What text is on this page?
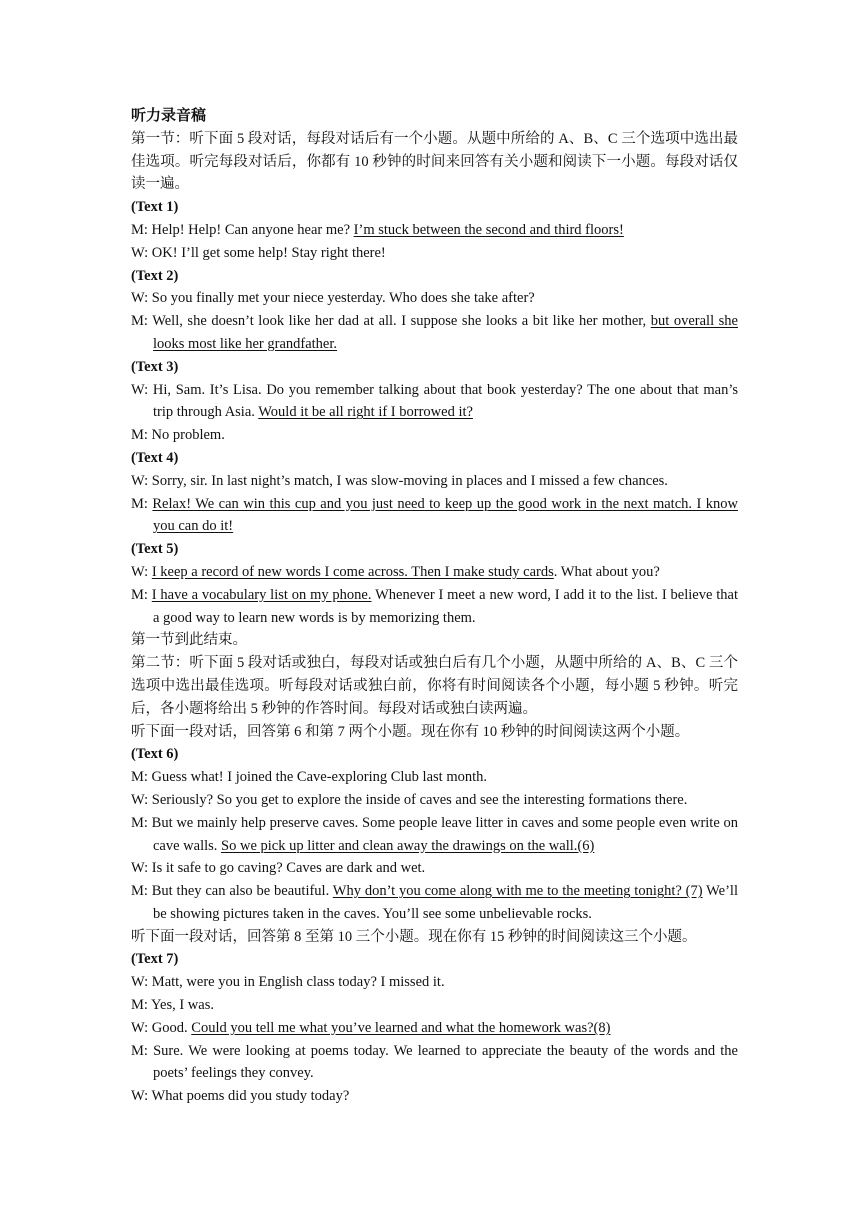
听力录音稿
第一节：听下面 5 段对话，每段对话后有一个小题。从题中所给的 A、B、C 三个选项中选出最佳选项。听完每段对话后，你都有 10 秒钟的时间来回答有关小题和阅读下一小题。每段对话仅读一遍。
(Text 1)
M: Help! Help! Can anyone hear me? I’m stuck between the second and third floors!
W: OK! I’ll get some help! Stay right there!
(Text 2)
W: So you finally met your niece yesterday. Who does she take after?
M: Well, she doesn’t look like her dad at all. I suppose she looks a bit like her mother, but overall she looks most like her grandfather.
(Text 3)
W: Hi, Sam. It’s Lisa. Do you remember talking about that book yesterday? The one about that man’s trip through Asia. Would it be all right if I borrowed it?
M: No problem.
(Text 4)
W: Sorry, sir. In last night’s match, I was slow-moving in places and I missed a few chances.
M: Relax! We can win this cup and you just need to keep up the good work in the next match. I know you can do it!
(Text 5)
W: I keep a record of new words I come across. Then I make study cards. What about you?
M: I have a vocabulary list on my phone. Whenever I meet a new word, I add it to the list. I believe that a good way to learn new words is by memorizing them.
第一节到此结束。
第二节：听下面 5 段对话或独白，每段对话或独白后有几个小题，从题中所给的 A、B、C 三个选项中选出最佳选项。听每段对话或独白前，你将有时间阅读各个小题，每小题 5 秒钟。听完后，各小题将给出 5 秒钟的作答时间。每段对话或独白读两遍。
听下面一段对话，回答第 6 和第 7 两个小题。现在你有 10 秒钟的时间阅读这两个小题。
(Text 6)
M: Guess what! I joined the Cave-exploring Club last month.
W: Seriously? So you get to explore the inside of caves and see the interesting formations there.
M: But we mainly help preserve caves. Some people leave litter in caves and some people even write on cave walls. So we pick up litter and clean away the drawings on the wall.(6)
W: Is it safe to go caving? Caves are dark and wet.
M: But they can also be beautiful. Why don’t you come along with me to the meeting tonight? (7) We’ll be showing pictures taken in the caves. You’ll see some unbelievable rocks.
听下面一段对话，回答第 8 至第 10 三个小题。现在你有 15 秒钟的时间阅读这三个小题。
(Text 7)
W: Matt, were you in English class today? I missed it.
M: Yes, I was.
W: Good. Could you tell me what you’ve learned and what the homework was?(8)
M: Sure. We were looking at poems today. We learned to appreciate the beauty of the words and the poets’ feelings they convey.
W: What poems did you study today?
